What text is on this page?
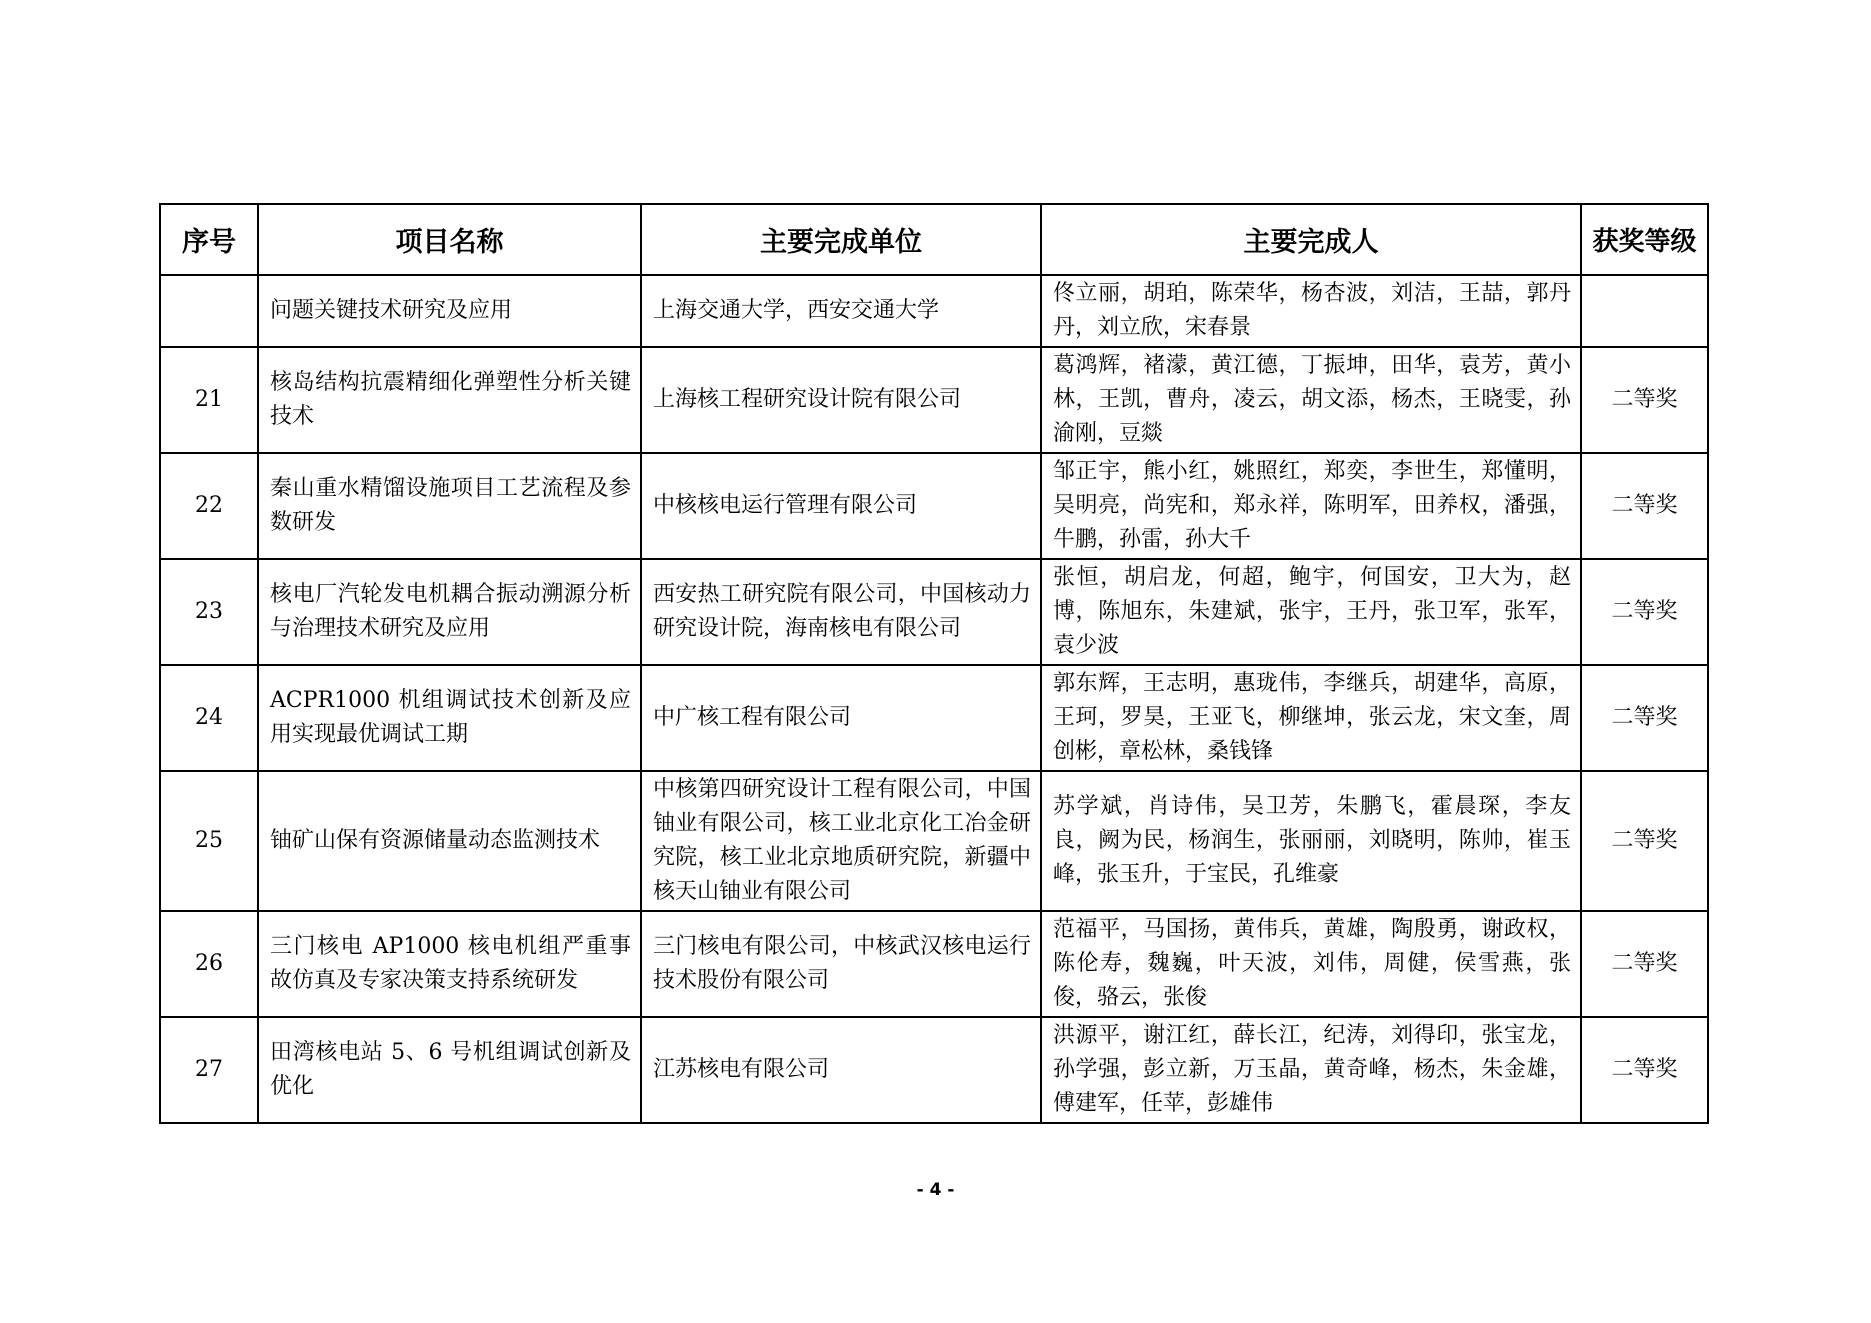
序号	项目名称	主要完成单位	主要完成人	获奖等级

	问题关键技术研究及应用	上海交通大学，西安交通大学	佟立丽，胡珀，陈荣华，杨杏波，刘洁，王喆，郭丹丹，刘立欣，宋春景	

21	核岛结构抗震精细化弹塑性分析关键技术	上海核工程研究设计院有限公司	葛鸿辉，褚濛，黄江德，丁振坤，田华，袁芳，黄小林，王凯，曹舟，凌云，胡文添，杨杰，王晓雯，孙渝刚，豆燚	二等奖
22	秦山重水精馏设施项目工艺流程及参数研发	中核核电运行管理有限公司	邹正宇，熊小红，姚照红，郑奕，李世生，郑懂明，吴明亮，尚宪和，郑永祥，陈明军，田养权，潘强，牛鹏，孙雷，孙大千	二等奖
23	核电厂汽轮发电机耦合振动溯源分析与治理技术研究及应用	西安热工研究院有限公司，中国核动力研究设计院，海南核电有限公司	张恒，胡启龙，何超，鲍宇，何国安，卫大为，赵博，陈旭东，朱建斌，张宇，王丹，张卫军，张军，袁少波	二等奖
24	ACPR1000 机组调试技术创新及应用实现最优调试工期	中广核工程有限公司	郭东辉，王志明，惠珑伟，李继兵，胡建华，高原，王珂，罗昊，王亚飞，柳继坤，张云龙，宋文奎，周创彬，章松林，桑钱锋	二等奖
25	铀矿山保有资源储量动态监测技术	中核第四研究设计工程有限公司，中国铀业有限公司，核工业北京化工冶金研究院，核工业北京地质研究院，新疆中核天山铀业有限公司	苏学斌，肖诗伟，吴卫芳，朱鹏飞，霍晨琛，李友良，阙为民，杨润生，张丽丽，刘晓明，陈帅，崔玉峰，张玉升，于宝民，孔维豪	二等奖
26	三门核电 AP1000 核电机组严重事故仿真及专家决策支持系统研发	三门核电有限公司，中核武汉核电运行技术股份有限公司	范福平，马国扬，黄伟兵，黄雄，陶殷勇，谢政权，陈伦寿，魏巍，叶天波，刘伟，周健，侯雪燕，张俊，骆云，张俊	二等奖
27	田湾核电站 5、6 号机组调试创新及优化	江苏核电有限公司	洪源平，谢江红，薛长江，纪涛，刘得印，张宝龙，孙学强，彭立新，万玉晶，黄奇峰，杨杰，朱金雄，傅建军，任苹，彭雄伟	二等奖
- 4 -
